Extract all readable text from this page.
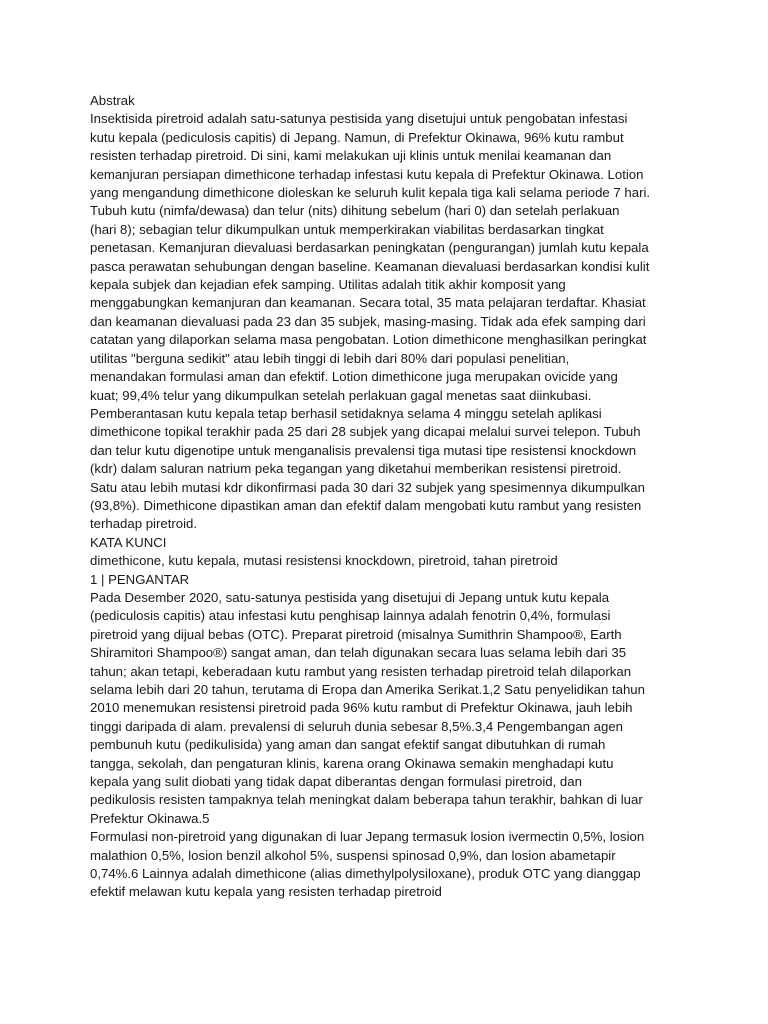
Abstrak
Insektisida piretroid adalah satu-satunya pestisida yang disetujui untuk pengobatan infestasi
kutu kepala (pediculosis capitis) di Jepang. Namun, di Prefektur Okinawa, 96% kutu rambut
resisten terhadap piretroid. Di sini, kami melakukan uji klinis untuk menilai keamanan dan
kemanjuran persiapan dimethicone terhadap infestasi kutu kepala di Prefektur Okinawa. Lotion
yang mengandung dimethicone dioleskan ke seluruh kulit kepala tiga kali selama periode 7 hari.
Tubuh kutu (nimfa/dewasa) dan telur (nits) dihitung sebelum (hari 0) dan setelah perlakuan
(hari 8); sebagian telur dikumpulkan untuk memperkirakan viabilitas berdasarkan tingkat
penetasan. Kemanjuran dievaluasi berdasarkan peningkatan (pengurangan) jumlah kutu kepala
pasca perawatan sehubungan dengan baseline. Keamanan dievaluasi berdasarkan kondisi kulit
kepala subjek dan kejadian efek samping. Utilitas adalah titik akhir komposit yang
menggabungkan kemanjuran dan keamanan. Secara total, 35 mata pelajaran terdaftar. Khasiat
dan keamanan dievaluasi pada 23 dan 35 subjek, masing-masing. Tidak ada efek samping dari
catatan yang dilaporkan selama masa pengobatan. Lotion dimethicone menghasilkan peringkat
utilitas "berguna sedikit" atau lebih tinggi di lebih dari 80% dari populasi penelitian,
menandakan formulasi aman dan efektif. Lotion dimethicone juga merupakan ovicide yang
kuat; 99,4% telur yang dikumpulkan setelah perlakuan gagal menetas saat diinkubasi.
Pemberantasan kutu kepala tetap berhasil setidaknya selama 4 minggu setelah aplikasi
dimethicone topikal terakhir pada 25 dari 28 subjek yang dicapai melalui survei telepon. Tubuh
dan telur kutu digenotipe untuk menganalisis prevalensi tiga mutasi tipe resistensi knockdown
(kdr) dalam saluran natrium peka tegangan yang diketahui memberikan resistensi piretroid.
Satu atau lebih mutasi kdr dikonfirmasi pada 30 dari 32 subjek yang spesimennya dikumpulkan
(93,8%). Dimethicone dipastikan aman dan efektif dalam mengobati kutu rambut yang resisten
terhadap piretroid.
KATA KUNCI
dimethicone, kutu kepala, mutasi resistensi knockdown, piretroid, tahan piretroid
1 | PENGANTAR
Pada Desember 2020, satu-satunya pestisida yang disetujui di Jepang untuk kutu kepala
(pediculosis capitis) atau infestasi kutu penghisap lainnya adalah fenotrin 0,4%, formulasi
piretroid yang dijual bebas (OTC). Preparat piretroid (misalnya Sumithrin Shampoo®, Earth
Shiramitori Shampoo®) sangat aman, dan telah digunakan secara luas selama lebih dari 35
tahun; akan tetapi, keberadaan kutu rambut yang resisten terhadap piretroid telah dilaporkan
selama lebih dari 20 tahun, terutama di Eropa dan Amerika Serikat.1,2 Satu penyelidikan tahun
2010 menemukan resistensi piretroid pada 96% kutu rambut di Prefektur Okinawa, jauh lebih
tinggi daripada di alam. prevalensi di seluruh dunia sebesar 8,5%.3,4 Pengembangan agen
pembunuh kutu (pedikulisida) yang aman dan sangat efektif sangat dibutuhkan di rumah
tangga, sekolah, dan pengaturan klinis, karena orang Okinawa semakin menghadapi kutu
kepala yang sulit diobati yang tidak dapat diberantas dengan formulasi piretroid, dan
pedikulosis resisten tampaknya telah meningkat dalam beberapa tahun terakhir, bahkan di luar
Prefektur Okinawa.5
Formulasi non-piretroid yang digunakan di luar Jepang termasuk losion ivermectin 0,5%, losion
malathion 0,5%, losion benzil alkohol 5%, suspensi spinosad 0,9%, dan losion abametapir
0,74%.6 Lainnya adalah dimethicone (alias dimethylpolysiloxane), produk OTC yang dianggap
efektif melawan kutu kepala yang resisten terhadap piretroid
